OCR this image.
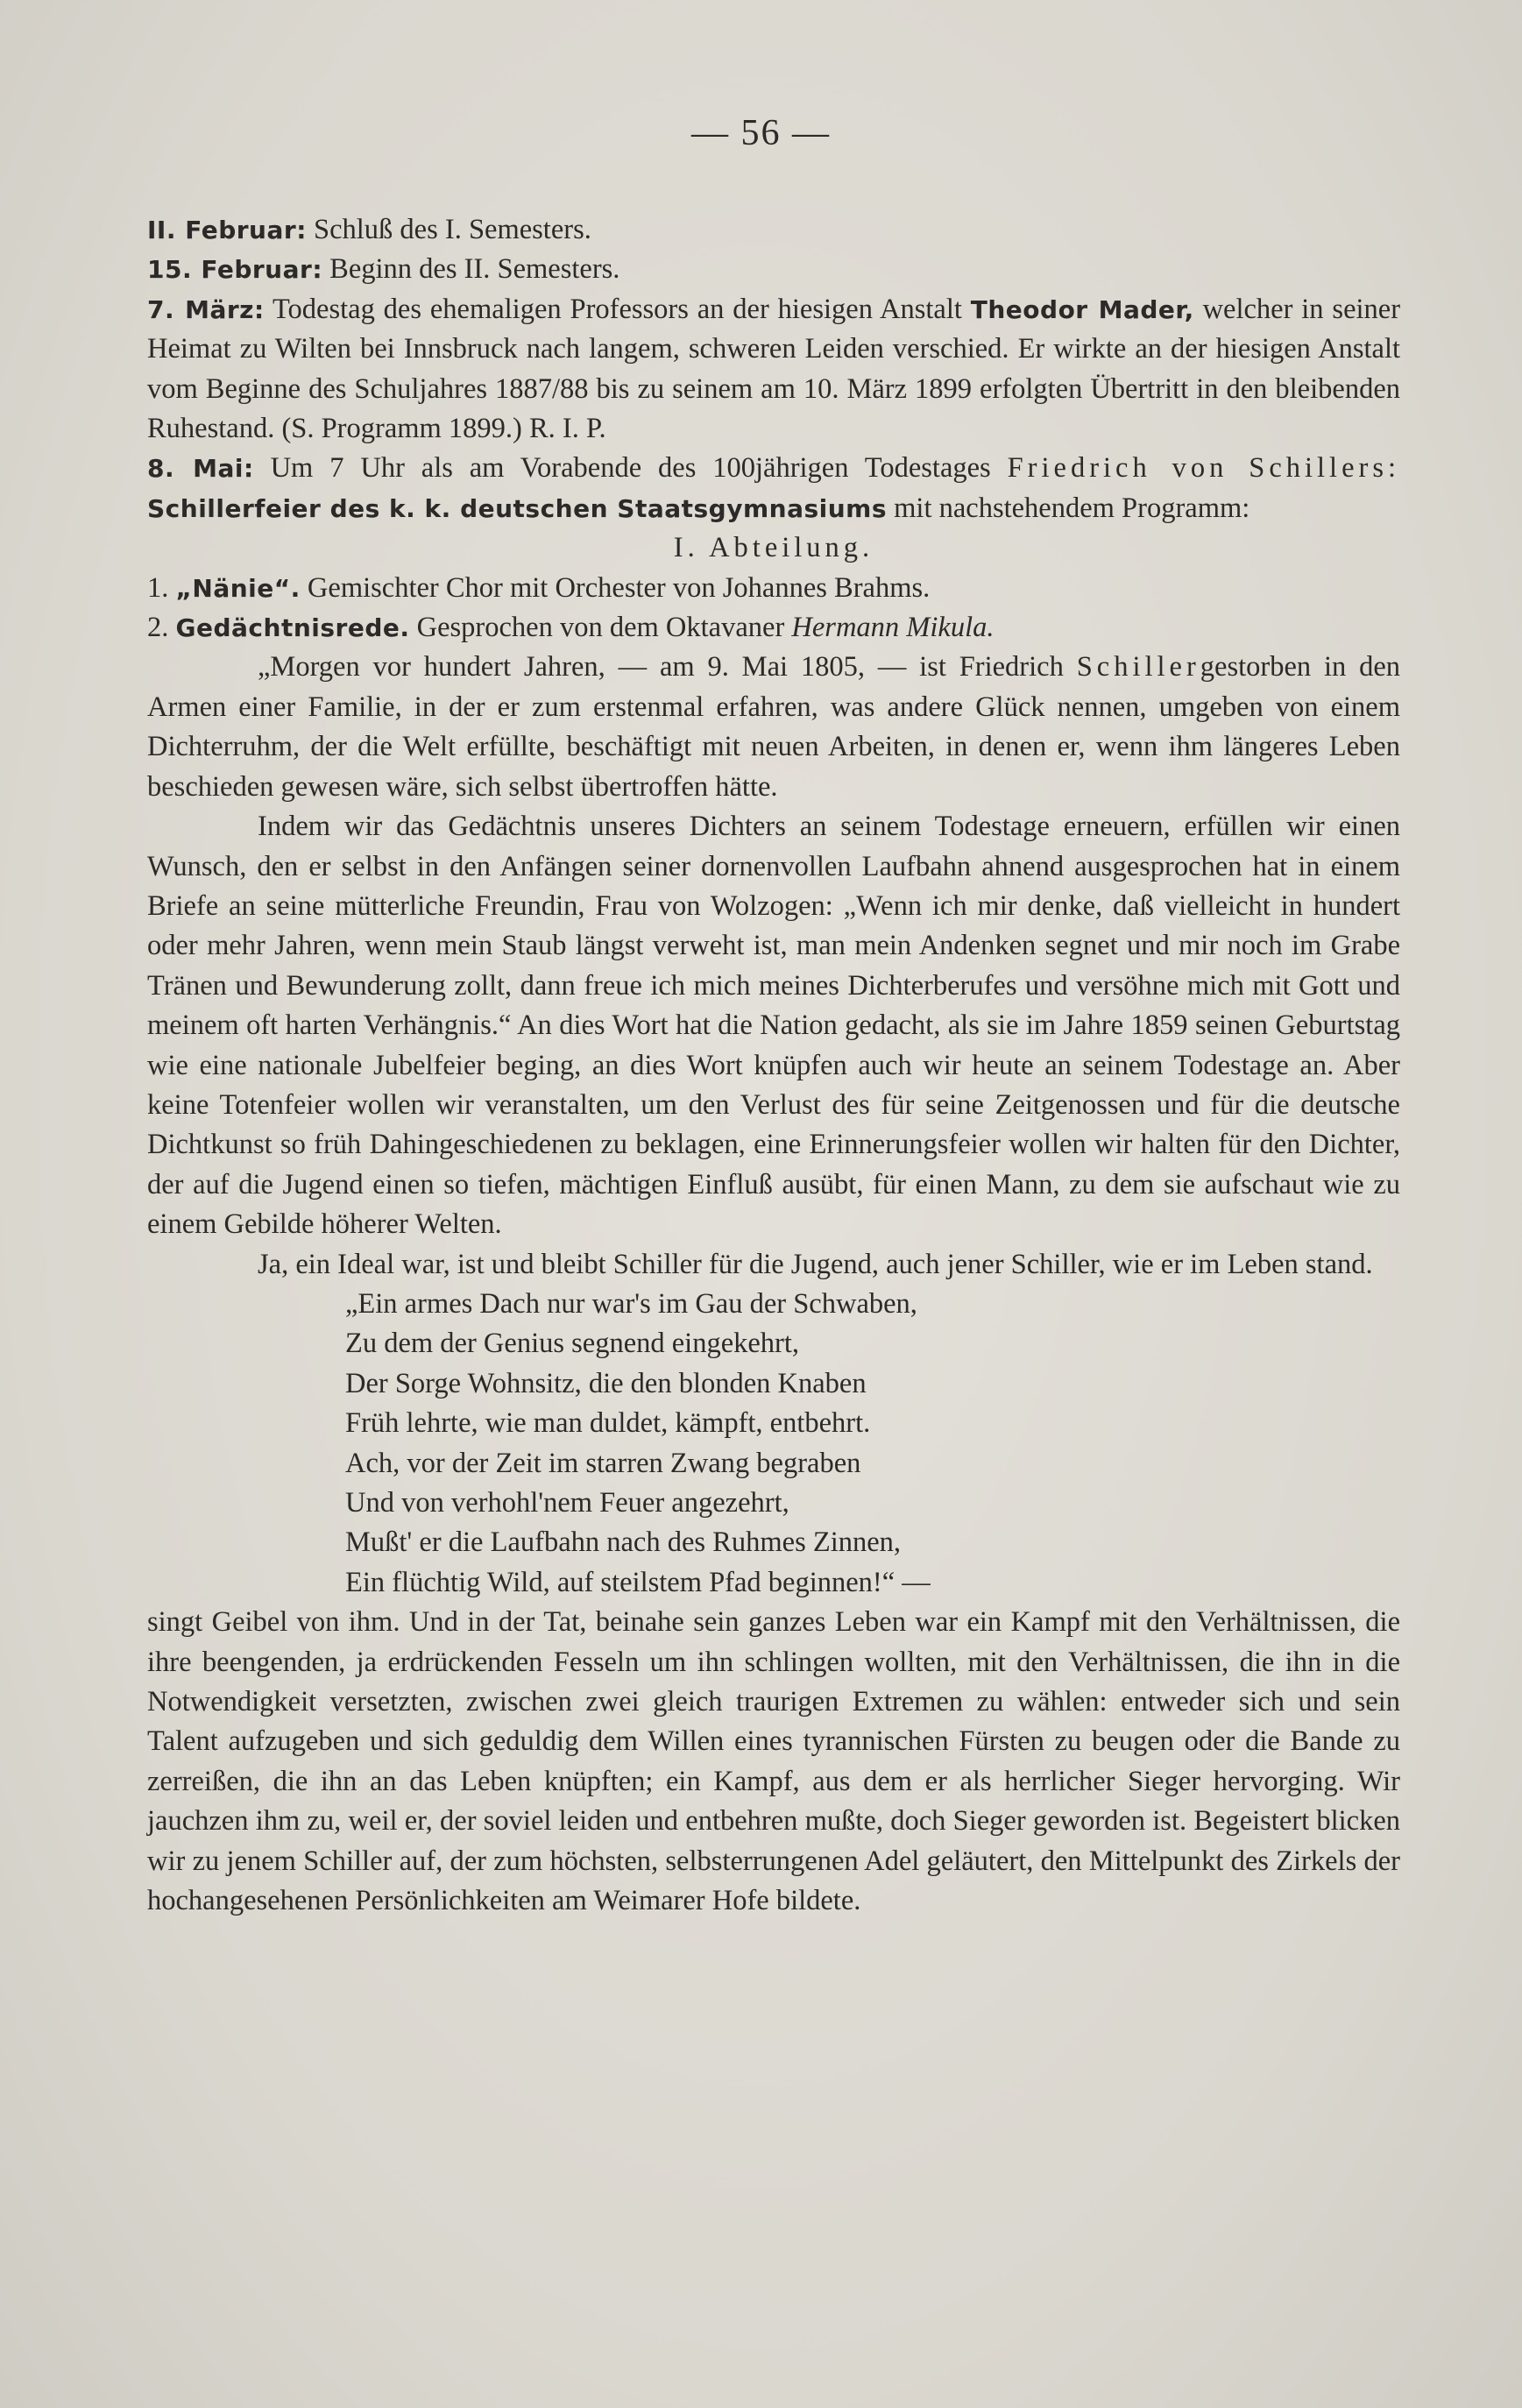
— 56 —

II. Februar: Schluß des I. Semesters.

15. Februar: Beginn des II. Semesters.

7. März: Todestag des ehemaligen Professors an der hiesigen Anstalt Theodor Mader, welcher in seiner Heimat zu Wilten bei Innsbruck nach langem, schweren Leiden verschied. Er wirkte an der hiesigen Anstalt vom Beginne des Schuljahres 1887/88 bis zu seinem am 10. März 1899 erfolgten Übertritt in den bleibenden Ruhestand. (S. Programm 1899.) R. I. P.

8. Mai: Um 7 Uhr als am Vorabende des 100jährigen Todestages Friedrich von Schillers: Schillerfeier des k. k. deutschen Staatsgymnasiums mit nachstehendem Programm:

I. Abteilung.

1. „Nänie“. Gemischter Chor mit Orchester von Johannes Brahms.

2. Gedächtnisrede. Gesprochen von dem Oktavaner Hermann Mikula.

„Morgen vor hundert Jahren, — am 9. Mai 1805, — ist Friedrich Schillergestorben in den Armen einer Familie, in der er zum erstenmal erfahren, was andere Glück nennen, umgeben von einem Dichterruhm, der die Welt erfüllte, beschäftigt mit neuen Arbeiten, in denen er, wenn ihm längeres Leben beschieden gewesen wäre, sich selbst übertroffen hätte.

Indem wir das Gedächtnis unseres Dichters an seinem Todestage erneuern, erfüllen wir einen Wunsch, den er selbst in den Anfängen seiner dornenvollen Laufbahn ahnend ausgesprochen hat in einem Briefe an seine mütterliche Freundin, Frau von Wolzogen: „Wenn ich mir denke, daß vielleicht in hundert oder mehr Jahren, wenn mein Staub längst verweht ist, man mein Andenken segnet und mir noch im Grabe Tränen und Bewunderung zollt, dann freue ich mich meines Dichterberufes und versöhne mich mit Gott und meinem oft harten Verhängnis.“ An dies Wort hat die Nation gedacht, als sie im Jahre 1859 seinen Geburtstag wie eine nationale Jubelfeier beging, an dies Wort knüpfen auch wir heute an seinem Todestage an. Aber keine Totenfeier wollen wir veranstalten, um den Verlust des für seine Zeitgenossen und für die deutsche Dichtkunst so früh Dahingeschiedenen zu beklagen, eine Erinnerungsfeier wollen wir halten für den Dichter, der auf die Jugend einen so tiefen, mächtigen Einfluß ausübt, für einen Mann, zu dem sie aufschaut wie zu einem Gebilde höherer Welten.

Ja, ein Ideal war, ist und bleibt Schiller für die Jugend, auch jener Schiller, wie er im Leben stand.

„Ein armes Dach nur war's im Gau der Schwaben,
Zu dem der Genius segnend eingekehrt,
Der Sorge Wohnsitz, die den blonden Knaben
Früh lehrte, wie man duldet, kämpft, entbehrt.
Ach, vor der Zeit im starren Zwang begraben
Und von verhohl'nem Feuer angezehrt,
Mußt' er die Laufbahn nach des Ruhmes Zinnen,
Ein flüchtig Wild, auf steilstem Pfad beginnen!“ —

singt Geibel von ihm. Und in der Tat, beinahe sein ganzes Leben war ein Kampf mit den Verhältnissen, die ihre beengenden, ja erdrückenden Fesseln um ihn schlingen wollten, mit den Verhältnissen, die ihn in die Notwendigkeit versetzten, zwischen zwei gleich traurigen Extremen zu wählen: entweder sich und sein Talent aufzugeben und sich geduldig dem Willen eines tyrannischen Fürsten zu beugen oder die Bande zu zerreißen, die ihn an das Leben knüpften; ein Kampf, aus dem er als herrlicher Sieger hervorging. Wir jauchzen ihm zu, weil er, der soviel leiden und entbehren mußte, doch Sieger geworden ist. Begeistert blicken wir zu jenem Schiller auf, der zum höchsten, selbsterrungenen Adel geläutert, den Mittelpunkt des Zirkels der hochangesehenen Persönlichkeiten am Weimarer Hofe bildete.
